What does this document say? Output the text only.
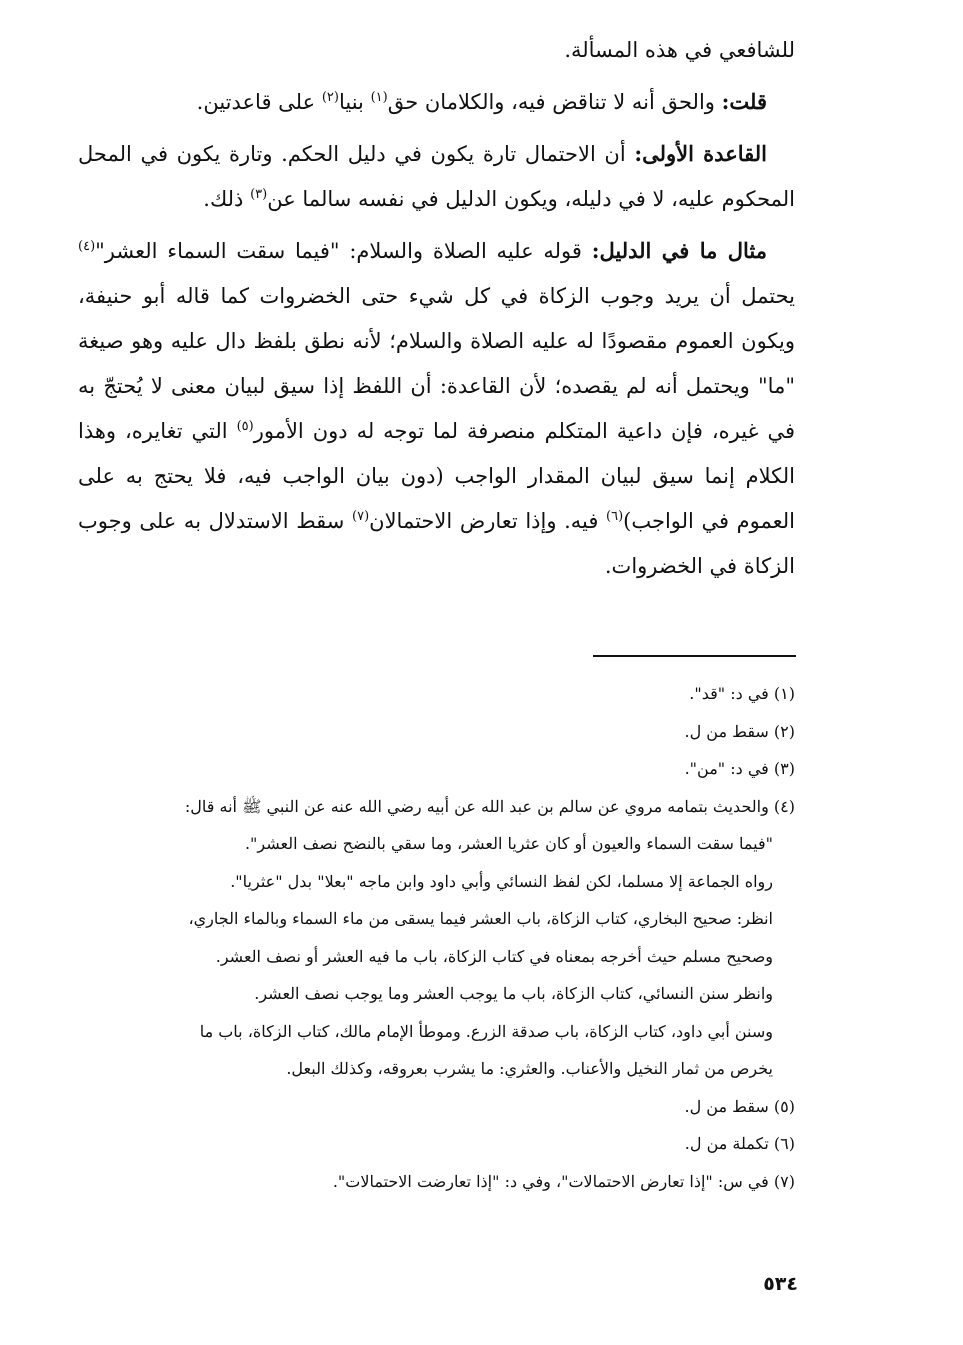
للشافعي في هذه المسألة.

قلت: والحق أنه لا تناقض فيه، والكلامان حق$^{(١)}$ بنيا$^{(٢)}$ على قاعدتين.

القاعدة الأولى: أن الاحتمال تارة يكون في دليل الحكم. وتارة يكون في المحل المحكوم عليه، لا في دليله، ويكون الدليل في نفسه سالما عن$^{(٣)}$ ذلك.

مثال ما في الدليل: قوله عليه الصلاة والسلام: "فيما سقت السماء العشر"$^{(٤)}$ يحتمل أن يريد وجوب الزكاة في كل شيء حتى الخضروات كما قاله أبو حنيفة، ويكون العموم مقصودًا له عليه الصلاة والسلام؛ لأنه نطق بلفظ دال عليه وهو صيغة "ما" ويحتمل أنه لم يقصده؛ لأن القاعدة: أن اللفظ إذا سيق لبيان معنى لا يُحتجّ به في غيره، فإن داعية المتكلم منصرفة لما توجه له دون الأمور$^{(٥)}$ التي تغايره، وهذا الكلام إنما سيق لبيان المقدار الواجب (دون بيان الواجب فيه، فلا يحتج به على العموم في الواجب)$^{(٦)}$ فيه. وإذا تعارض الاحتمالان$^{(٧)}$ سقط الاستدلال به على وجوب الزكاة في الخضروات.

(١) في د: "قد".

(٢) سقط من ل.

(٣) في د: "من".

(٤) والحديث بتمامه مروي عن سالم بن عبد الله عن أبيه رضي الله عنه عن النبي ﷺ أنه قال:

"فيما سقت السماء والعيون أو كان عثريا العشر، وما سقي بالنضح نصف العشر".

رواه الجماعة إلا مسلما، لكن لفظ النسائي وأبي داود وابن ماجه "بعلا" بدل "عثريا".

انظر: صحيح البخاري، كتاب الزكاة، باب العشر فيما يسقى من ماء السماء وبالماء الجاري،

وصحيح مسلم حيث أخرجه بمعناه في كتاب الزكاة، باب ما فيه العشر أو نصف العشر.

وانظر سنن النسائي، كتاب الزكاة، باب ما يوجب العشر وما يوجب نصف العشر.

وسنن أبي داود، كتاب الزكاة، باب صدقة الزرع. وموطأ الإمام مالك، كتاب الزكاة، باب ما

يخرص من ثمار النخيل والأعناب. والعثري: ما يشرب بعروقه، وكذلك البعل.

(٥) سقط من ل.

(٦) تكملة من ل.

(٧) في س: "إذا تعارض الاحتمالات"، وفي د: "إذا تعارضت الاحتمالات".

٥٣٤
